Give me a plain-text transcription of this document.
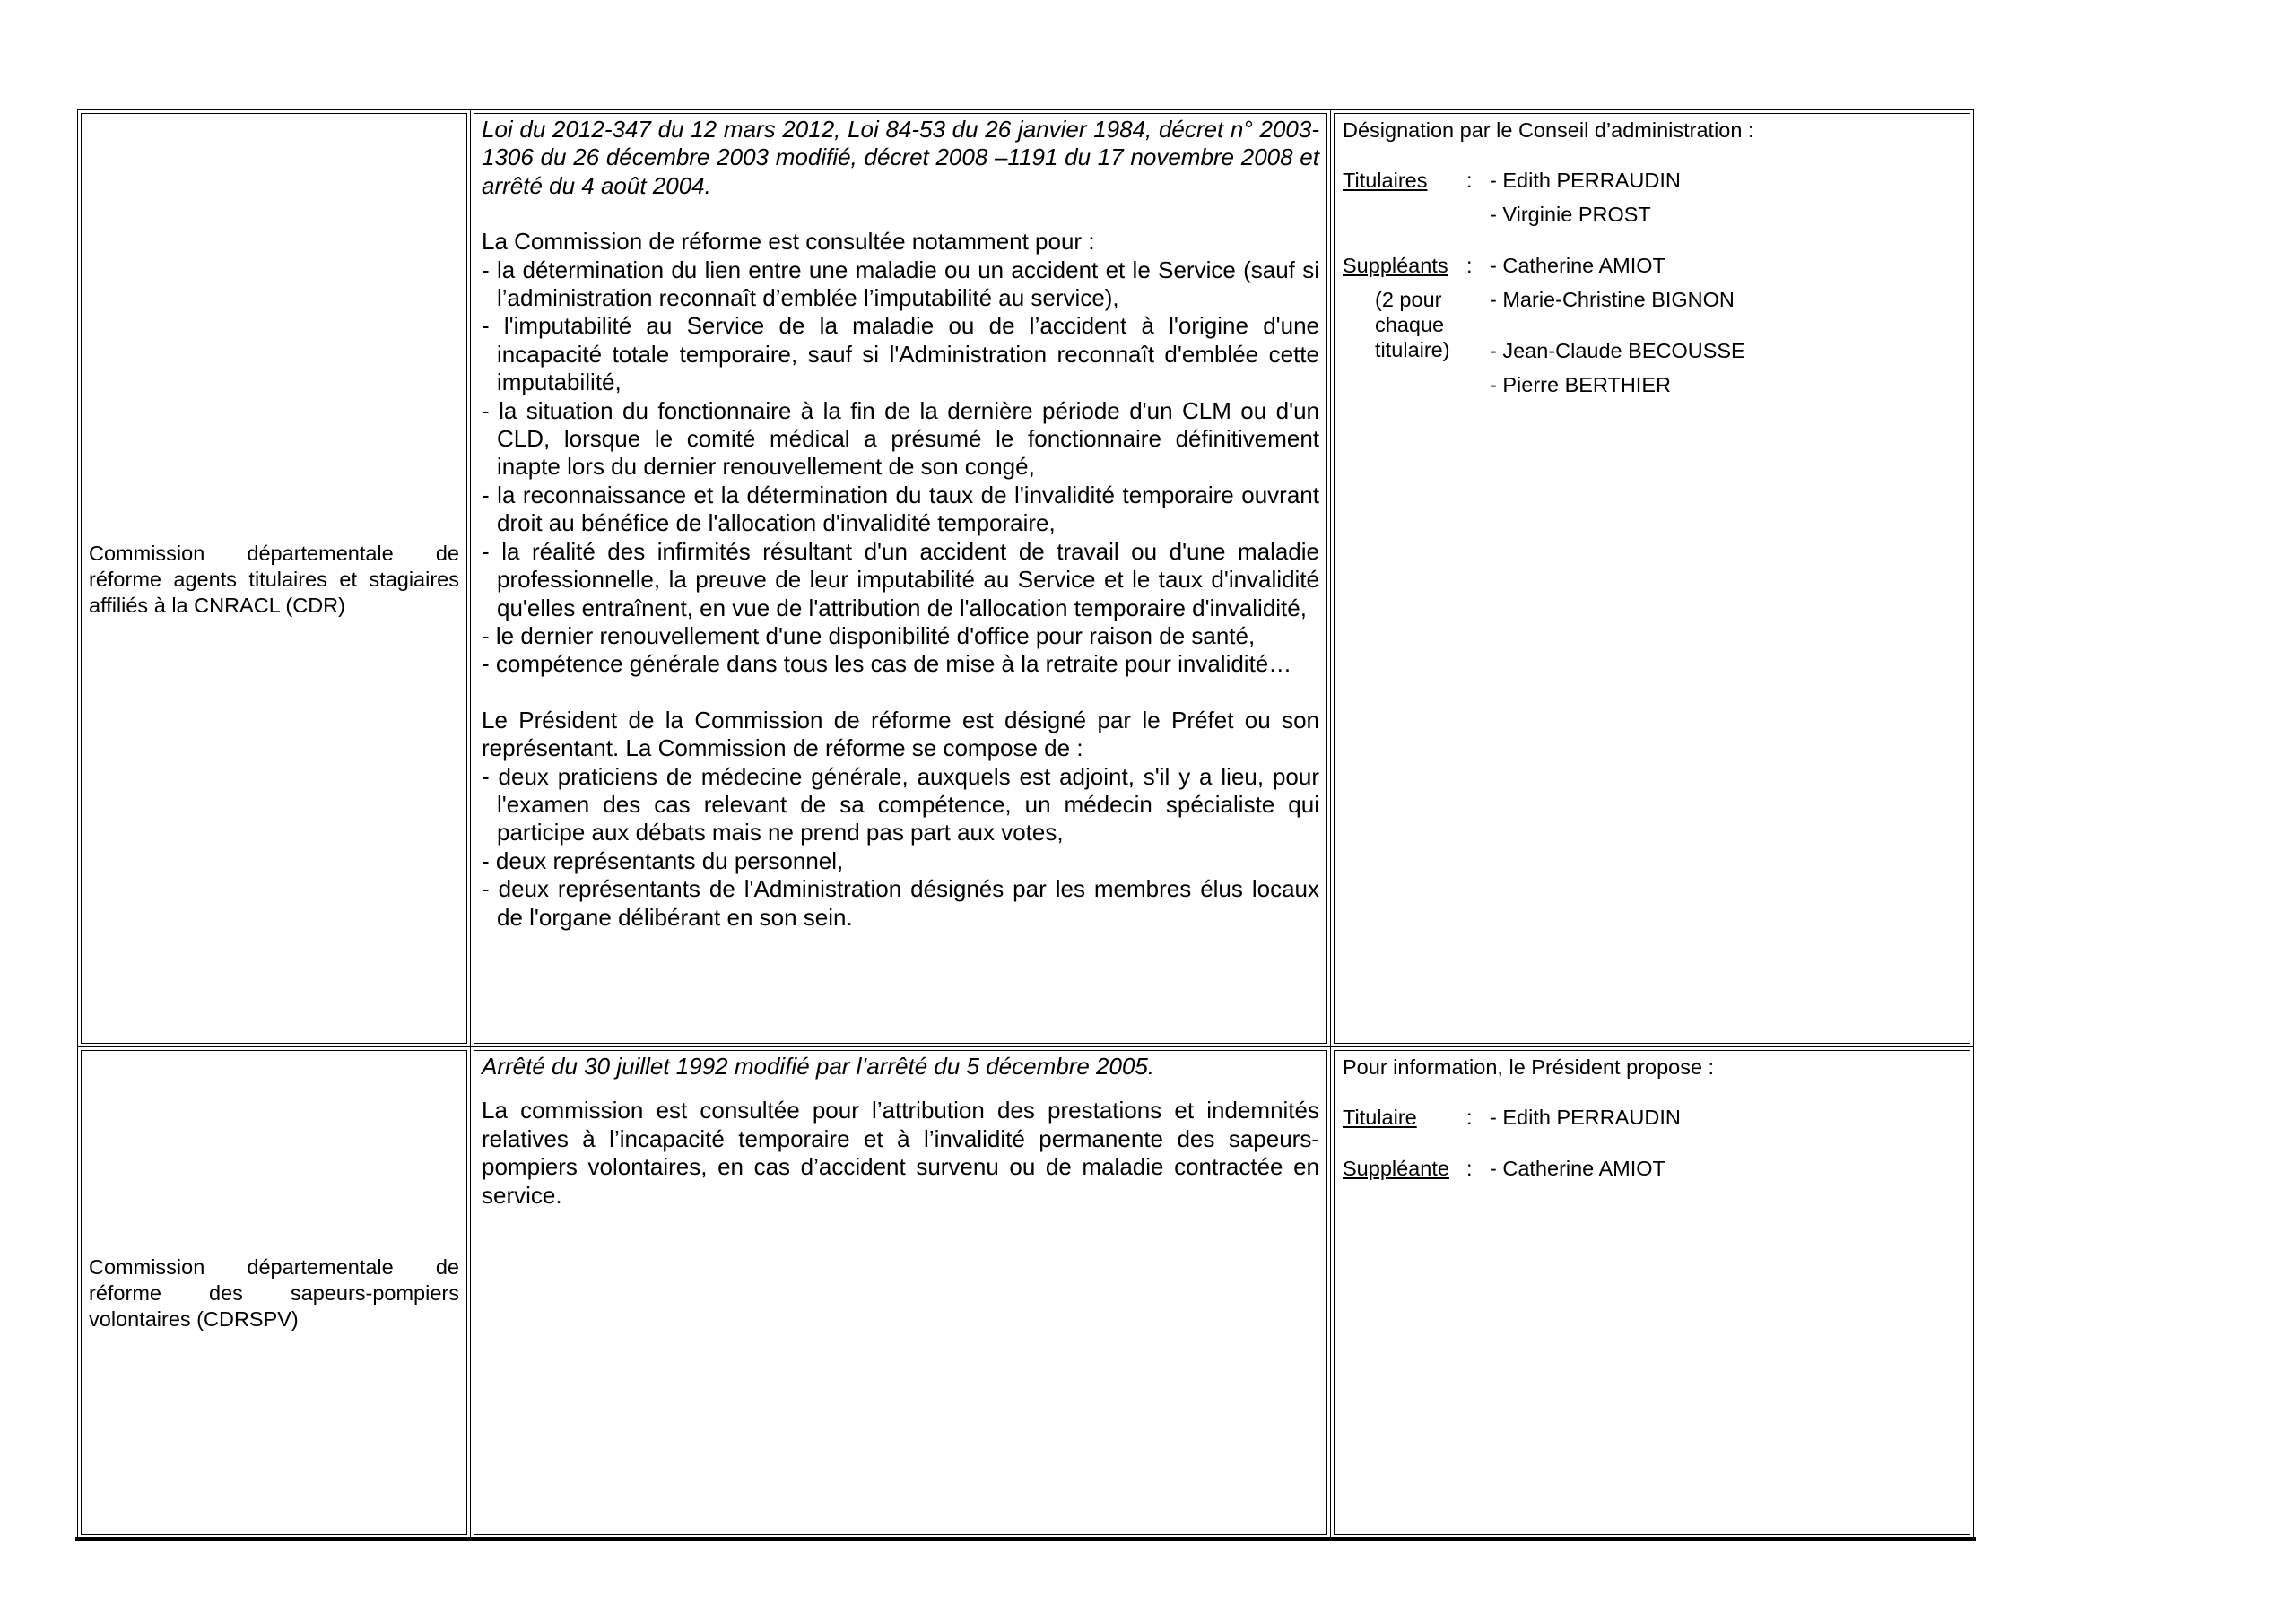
Commission départementale de réforme agents titulaires et stagiaires affiliés à la CNRACL (CDR)

Loi du 2012-347 du 12 mars 2012, Loi 84-53 du 26 janvier 1984, décret n° 2003- 1306 du 26 décembre 2003 modifié, décret 2008 –1191 du 17 novembre 2008 et arrêté du 4 août 2004.

La Commission de réforme est consultée notamment pour :

- la détermination du lien entre une maladie ou un accident et le Service (sauf si l’administration reconnaît d’emblée l’imputabilité au service),
- l'imputabilité au Service de la maladie ou de l’accident à l'origine d'une incapacité totale temporaire, sauf si l'Administration reconnaît d'emblée cette imputabilité,
- la situation du fonctionnaire à la fin de la dernière période d'un CLM ou d'un CLD, lorsque le comité médical a présumé le fonctionnaire définitivement inapte lors du dernier renouvellement de son congé,
- la reconnaissance et la détermination du taux de l'invalidité temporaire ouvrant droit au bénéfice de l'allocation d'invalidité temporaire,
- la réalité des infirmités résultant d'un accident de travail ou d'une maladie professionnelle, la preuve de leur imputabilité au Service et le taux d'invalidité qu'elles entraînent, en vue de l'attribution de l'allocation temporaire d'invalidité,
- le dernier renouvellement d'une disponibilité d'office pour raison de santé,
- compétence générale dans tous les cas de mise à la retraite pour invalidité…

Le Président de la Commission de réforme est désigné par le Préfet ou son représentant. La Commission de réforme se compose de :

- deux praticiens de médecine générale, auxquels est adjoint, s'il y a lieu, pour l'examen des cas relevant de sa compétence, un médecin spécialiste qui participe aux débats mais ne prend pas part aux votes,
- deux représentants du personnel,
- deux représentants de l'Administration désignés par les membres élus locaux de l'organe délibérant en son sein.

Désignation par le Conseil d’administration :

Titulaires	: - Edith PERRAUDIN
- Virginie PROST
Suppléants : - Catherine AMIOT
(2 pour chaque titulaire)
- Marie-Christine BIGNON
- Jean-Claude BECOUSSE
- Pierre BERTHIER
Commission départementale de réforme des sapeurs-pompiers volontaires (CDRSPV)

Arrêté du 30 juillet 1992 modifié par l’arrêté du 5 décembre 2005.

La commission est consultée pour l’attribution des prestations et indemnités relatives à l’incapacité temporaire et à l’invalidité permanente des sapeurs-pompiers volontaires, en cas d’accident survenu ou de maladie contractée en service.

Pour information, le Président propose :

Titulaire	: - Edith PERRAUDIN
Suppléante : - Catherine AMIOT
